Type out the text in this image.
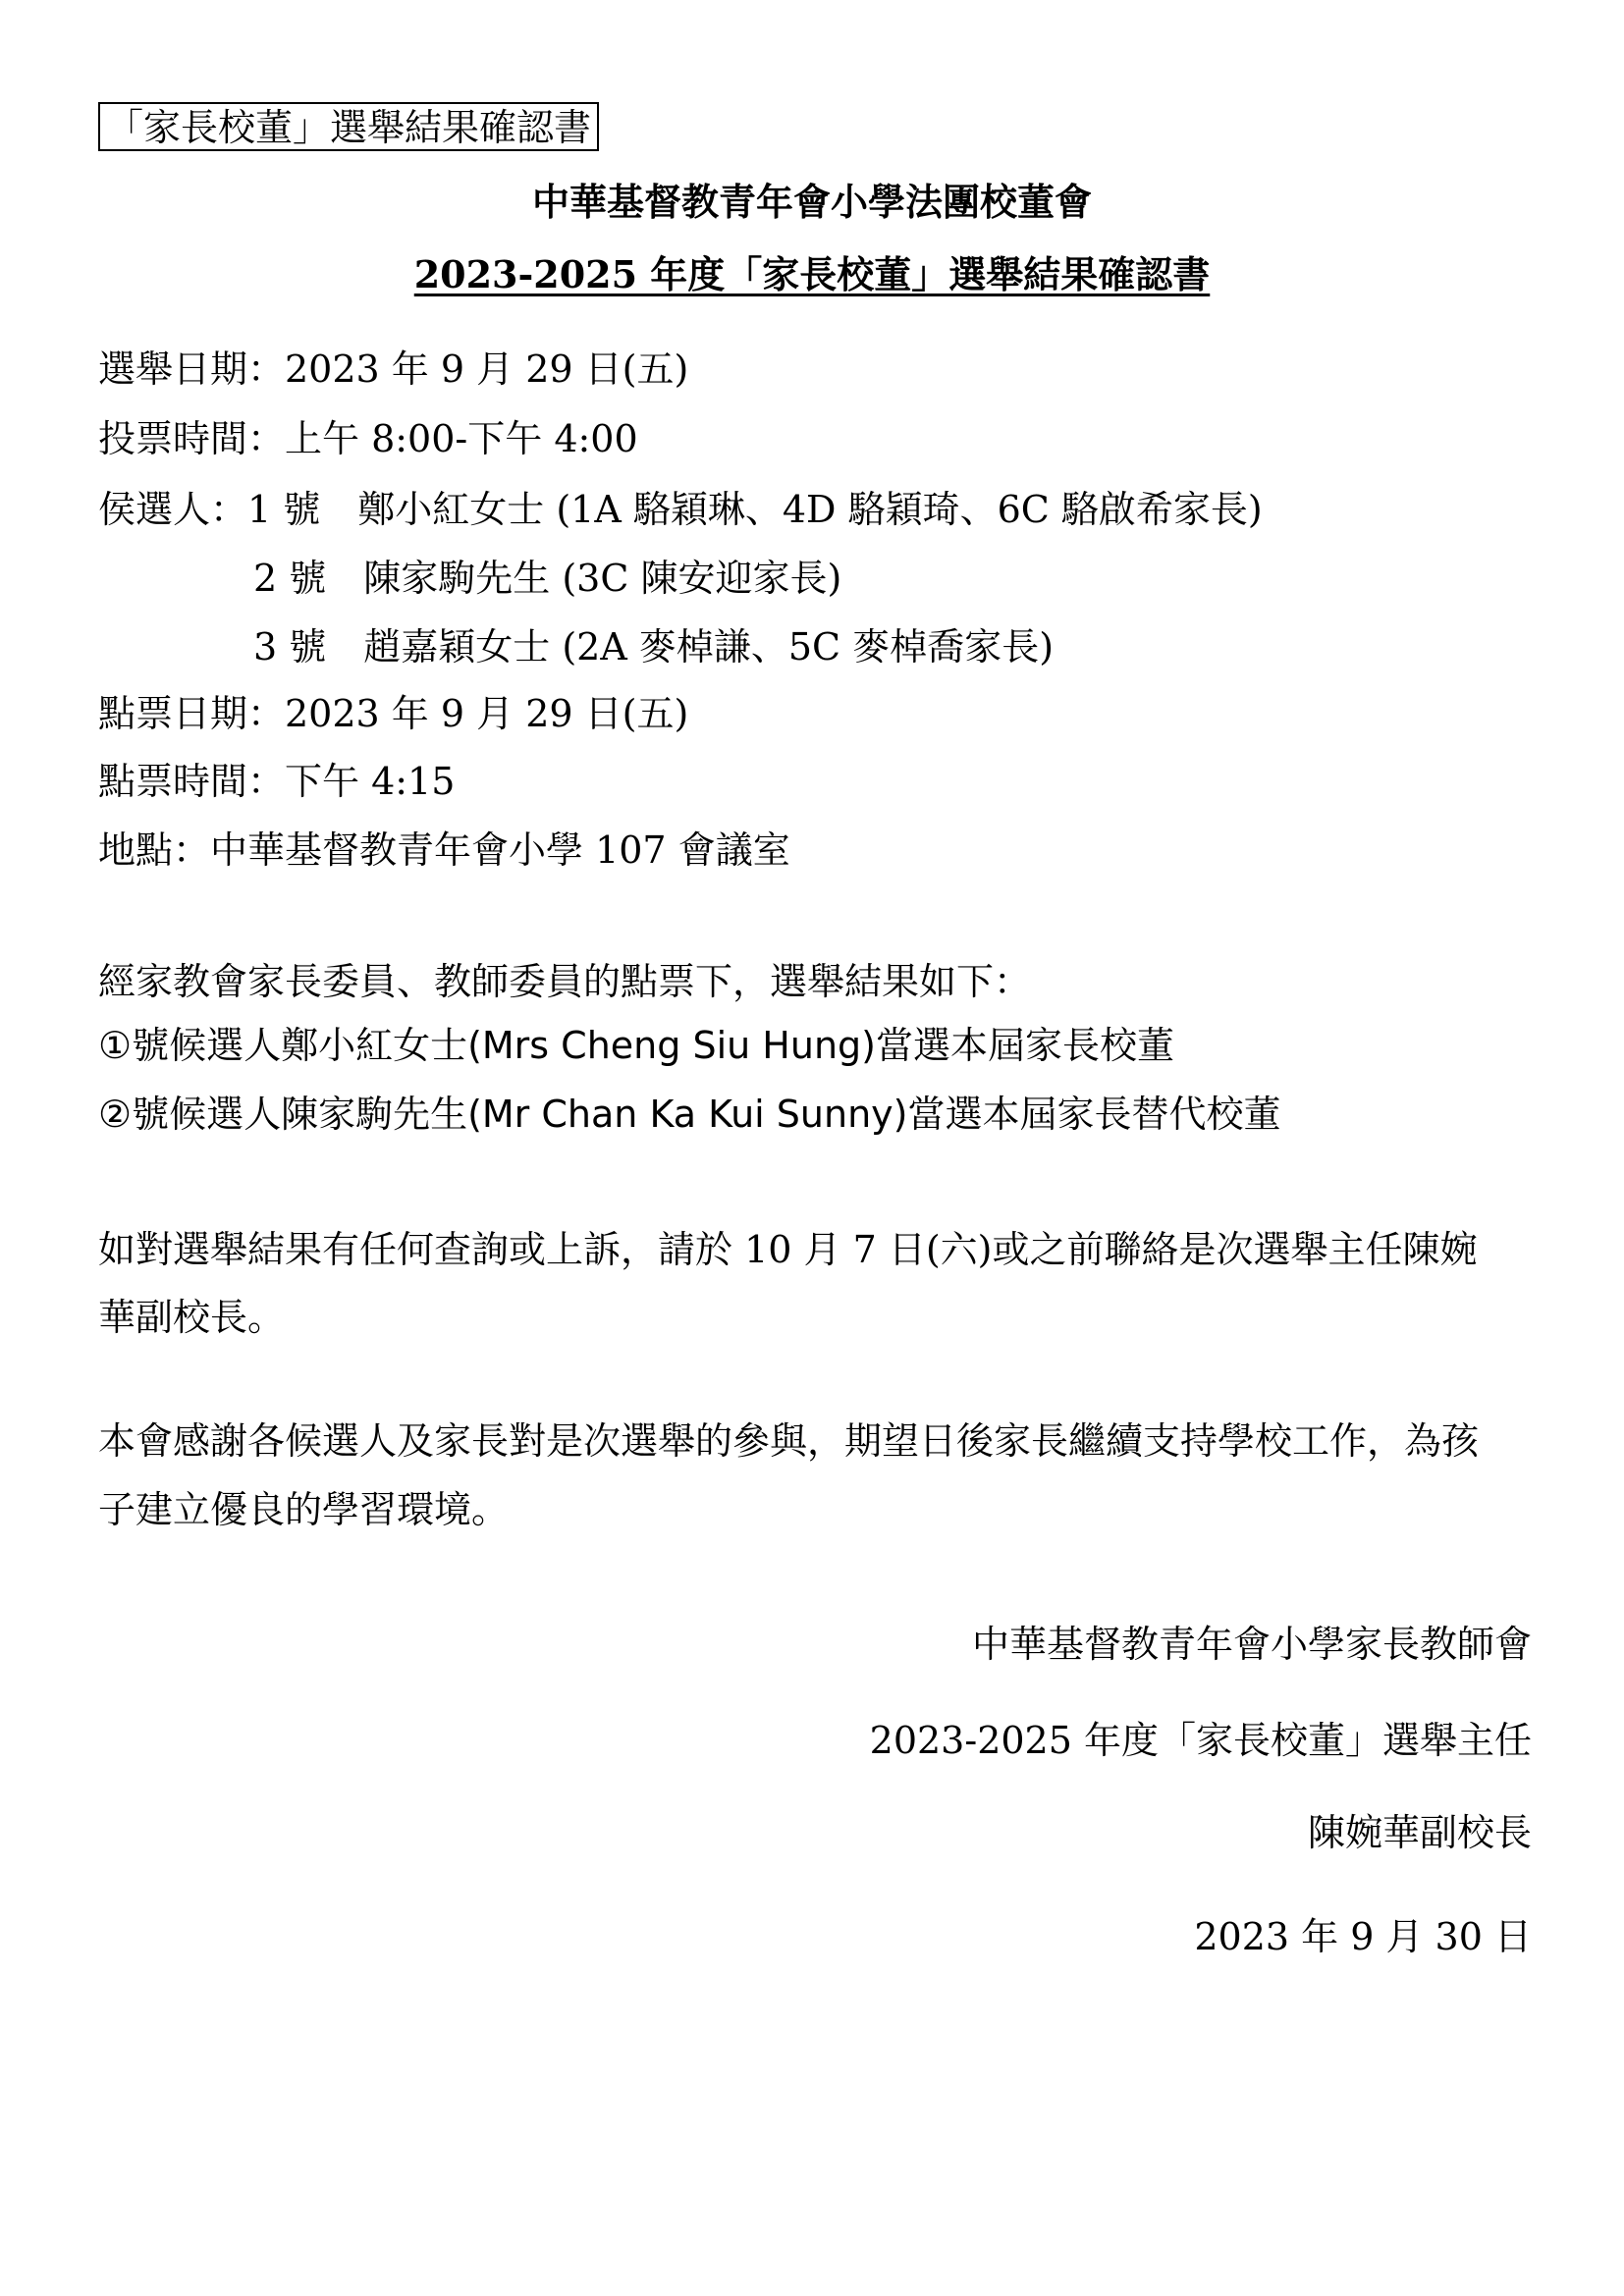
「家長校董」選舉結果確認書
中華基督教青年會小學法團校董會
2023-2025 年度「家長校董」選舉結果確認書
選舉日期：2023 年 9 月 29 日(五)
投票時間：上午 8:00-下午 4:00
侯選人：1 號　鄭小紅女士 (1A 駱穎琳、4D 駱穎琦、6C 駱啟希家長)
2 號　陳家駒先生 (3C 陳安迎家長)
3 號　趙嘉穎女士 (2A 麥棹謙、5C 麥棹喬家長)
點票日期：2023 年 9 月 29 日(五)
點票時間：下午 4:15
地點：中華基督教青年會小學 107 會議室
經家教會家長委員、教師委員的點票下，選舉結果如下：
①號候選人鄭小紅女士(Mrs Cheng Siu Hung)當選本屆家長校董
②號候選人陳家駒先生(Mr Chan Ka Kui Sunny)當選本屆家長替代校董
如對選舉結果有任何查詢或上訴，請於 10 月 7 日(六)或之前聯絡是次選舉主任陳婉
華副校長。
本會感謝各候選人及家長對是次選舉的參與，期望日後家長繼續支持學校工作，為孩
子建立優良的學習環境。
中華基督教青年會小學家長教師會
2023-2025 年度「家長校董」選舉主任
陳婉華副校長
2023 年 9 月 30 日
